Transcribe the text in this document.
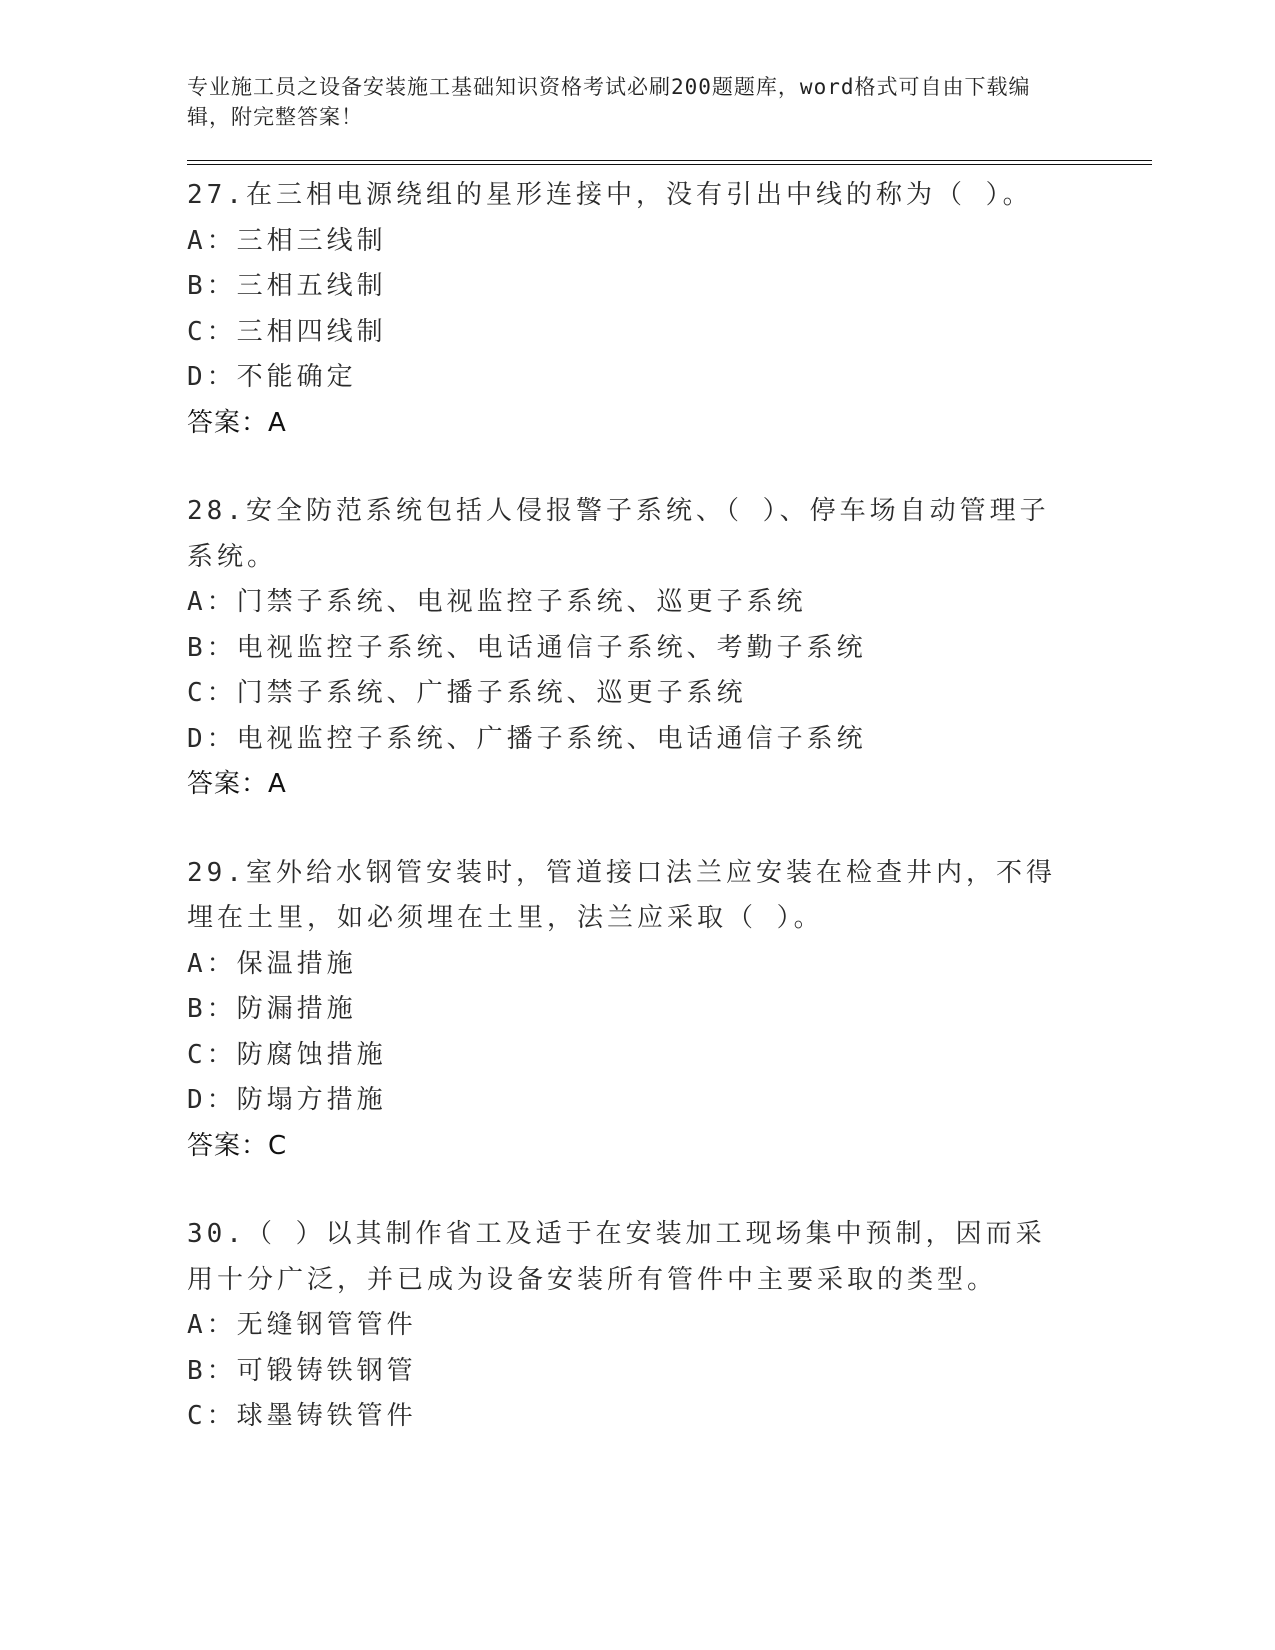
专业施工员之设备安装施工基础知识资格考试必刷200题题库，word格式可自由下载编辑，附完整答案！
27.在三相电源绕组的星形连接中，没有引出中线的称为（ ）。
A：三相三线制
B：三相五线制
C：三相四线制
D：不能确定
答案：A
28.安全防范系统包括人侵报警子系统、（ ）、停车场自动管理子系统。
A：门禁子系统、电视监控子系统、巡更子系统
B：电视监控子系统、电话通信子系统、考勤子系统
C：门禁子系统、广播子系统、巡更子系统
D：电视监控子系统、广播子系统、电话通信子系统
答案：A
29.室外给水钢管安装时，管道接口法兰应安装在检查井内，不得埋在土里，如必须埋在土里，法兰应采取（ ）。
A：保温措施
B：防漏措施
C：防腐蚀措施
D：防塌方措施
答案：C
30.（ ）以其制作省工及适于在安装加工现场集中预制，因而采用十分广泛，并已成为设备安装所有管件中主要采取的类型。
A：无缝钢管管件
B：可锻铸铁钢管
C：球墨铸铁管件
